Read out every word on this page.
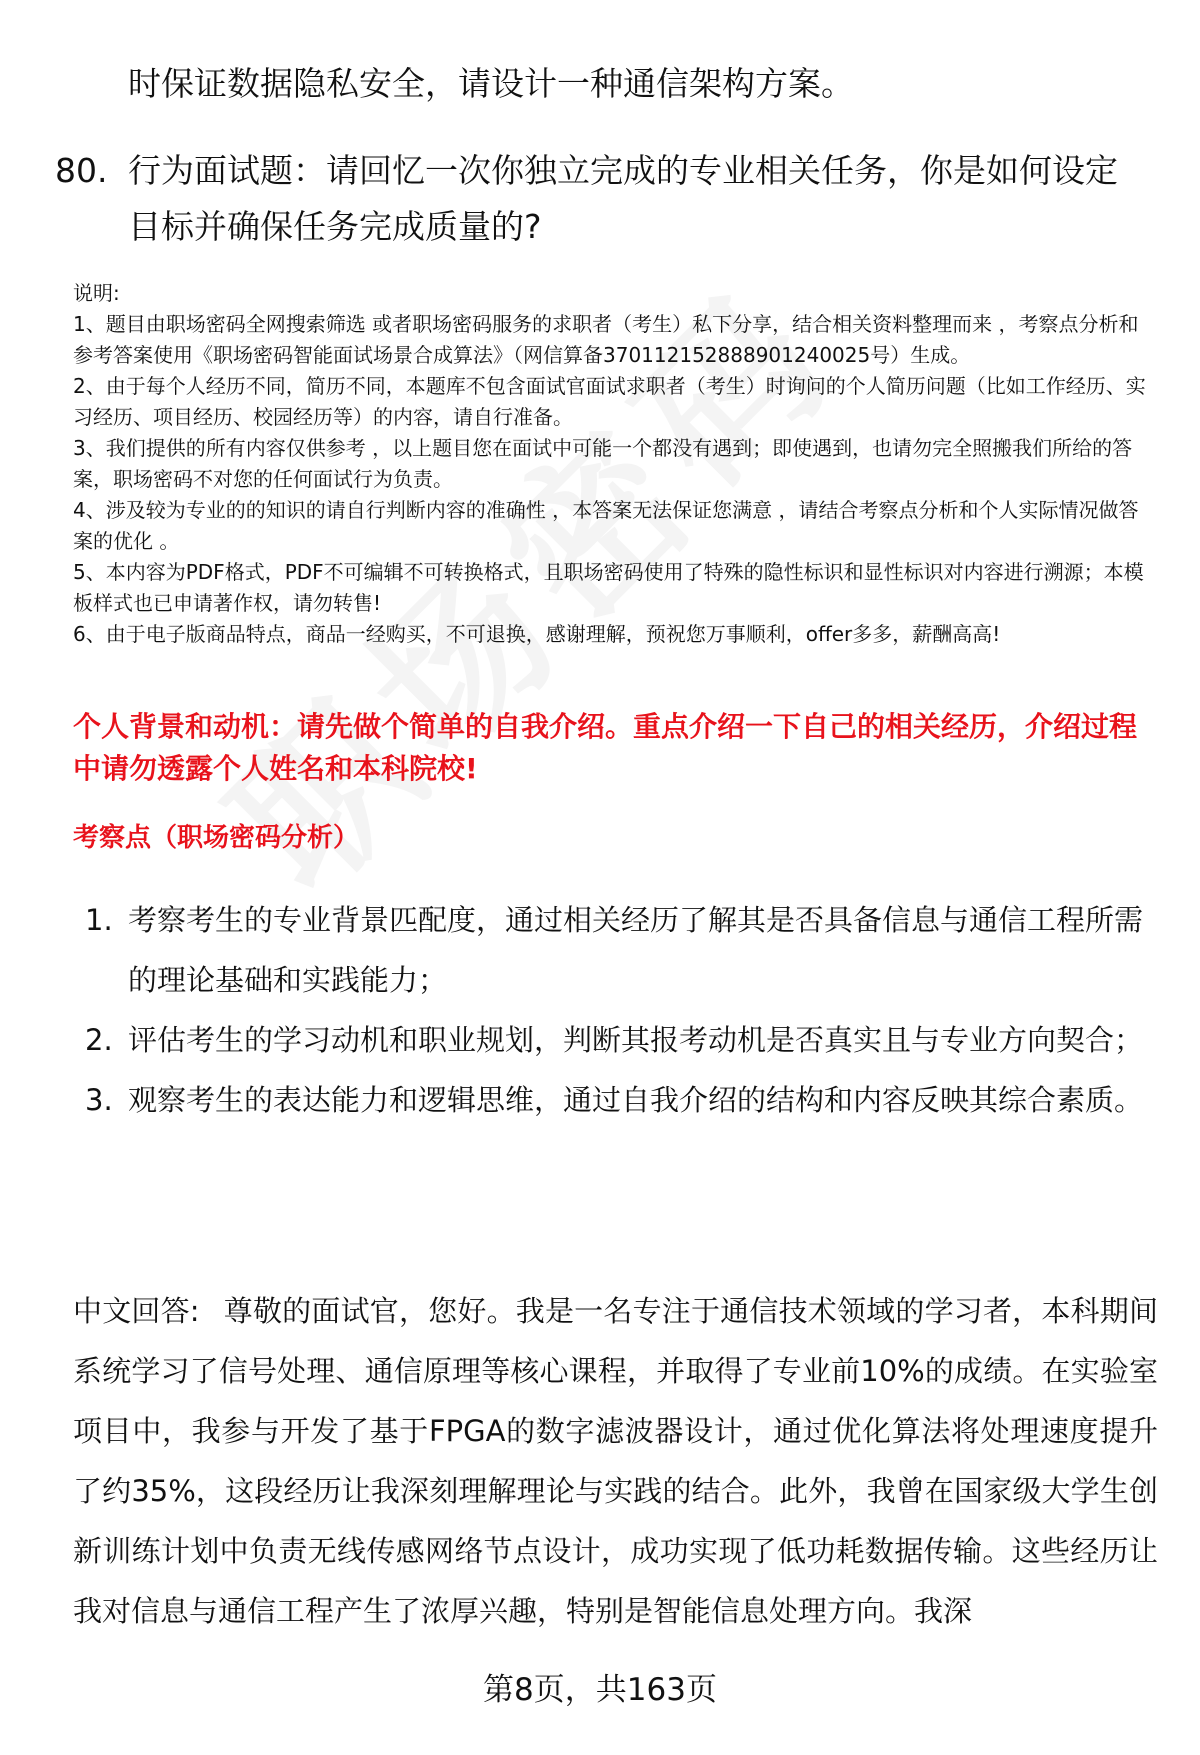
时保证数据隐私安全，请设计一种通信架构方案。
80. 行为面试题：请回忆一次你独立完成的专业相关任务，你是如何设定目标并确保任务完成质量的?

说明:

1、题目由职场密码全网搜索筛选 或者职场密码服务的求职者（考生）私下分享，结合相关资料整理而来 ，考察点分析和参考答案使用《职场密码智能面试场景合成算法》（网信算备370112152888901240025号）生成。

2、由于每个人经历不同，简历不同，本题库不包含面试官面试求职者（考生）时询问的个人简历问题（比如工作经历、实习经历、项目经历、校园经历等）的内容，请自行准备。

3、我们提供的所有内容仅供参考 ，以上题目您在面试中可能一个都没有遇到；即使遇到，也请勿完全照搬我们所给的答案，职场密码不对您的任何面试行为负责。

4、涉及较为专业的的知识的请自行判断内容的准确性 ，本答案无法保证您满意 ，请结合考察点分析和个人实际情况做答案的优化 。

5、本内容为PDF格式，PDF不可编辑不可转换格式，且职场密码使用了特殊的隐性标识和显性标识对内容进行溯源；本模板样式也已申请著作权，请勿转售!

6、由于电子版商品特点，商品一经购买，不可退换，感谢理解，预祝您万事顺利，offer多多，薪酬高高!

个人背景和动机：请先做个简单的自我介绍。重点介绍一下自己的相关经历，介绍过程中请勿透露个人姓名和本科院校!
考察点（职场密码分析）
1. 考察考生的专业背景匹配度，通过相关经历了解其是否具备信息与通信工程所需的理论基础和实践能力；
2. 评估考生的学习动机和职业规划，判断其报考动机是否真实且与专业方向契合；
3. 观察考生的表达能力和逻辑思维，通过自我介绍的结构和内容反映其综合素质。
中文回答: 尊敬的面试官，您好。我是一名专注于通信技术领域的学习者，本科期间系统学习了信号处理、通信原理等核心课程，并取得了专业前10%的成绩。在实验室项目中，我参与开发了基于FPGA的数字滤波器设计，通过优化算法将处理速度提升了约35%，这段经历让我深刻理解理论与实践的结合。此外，我曾在国家级大学生创新训练计划中负责无线传感网络节点设计，成功实现了低功耗数据传输。这些经历让我对信息与通信工程产生了浓厚兴趣，特别是智能信息处理方向。我深
第8页，共163页
